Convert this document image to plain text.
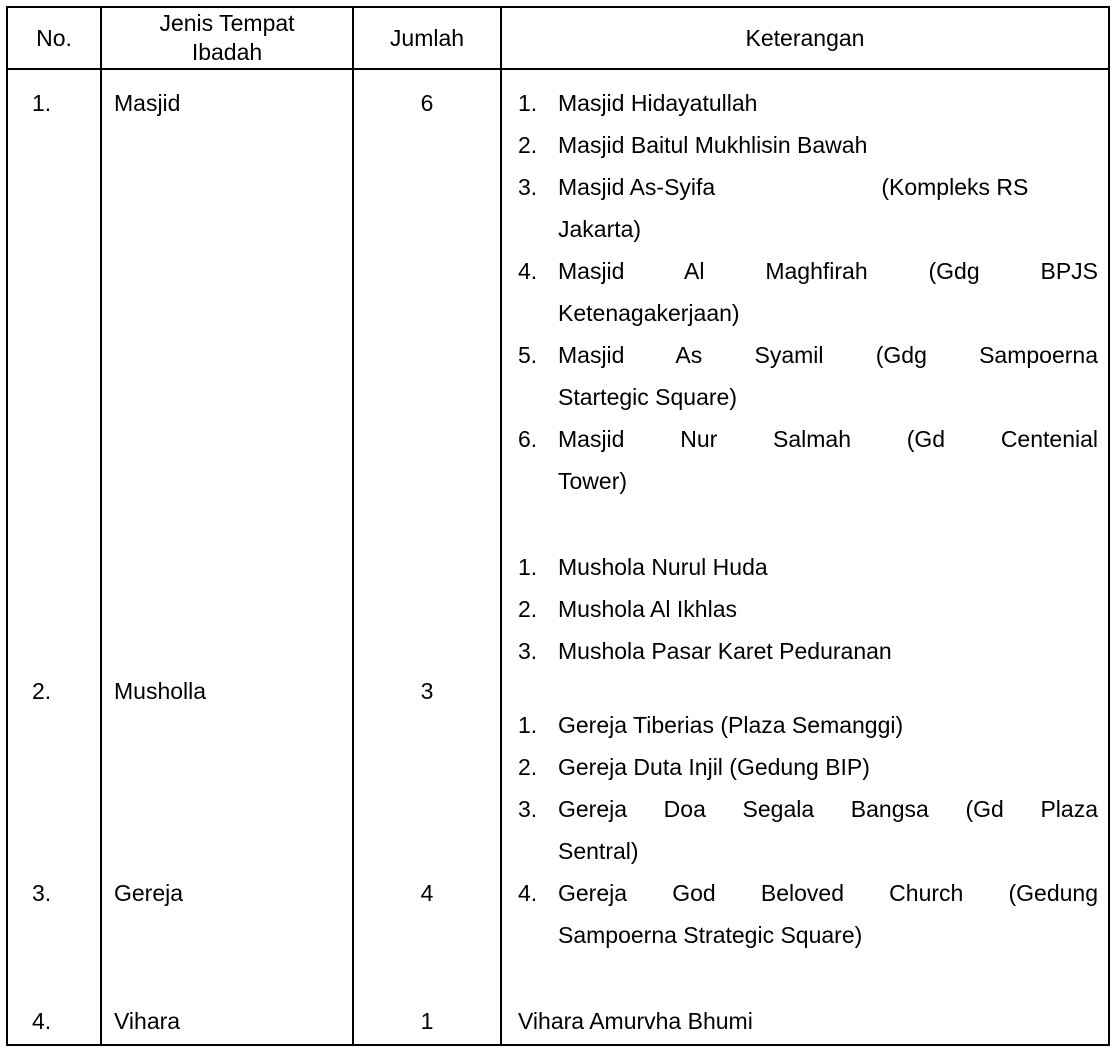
No.
Jenis Tempat Ibadah
Jumlah	Keterangan
1.
2.
3.
4.
Masjid
Musholla
Gereja
Vihara
6
3
4
1
1. Masjid Hidayatullah
2. Masjid Baitul Mukhlisin Bawah
3. Masjid As-Syifa                          (Kompleks RS
Jakarta)
4. Masjid Al Maghfirah (Gdg BPJS
Ketenagakerjaan)
5. Masjid As Syamil (Gdg Sampoerna
Startegic Square)
6. Masjid Nur Salmah (Gd Centenial
Tower)
1. Mushola Nurul Huda
2. Mushola Al Ikhlas
3. Mushola Pasar Karet Peduranan
1. Gereja Tiberias (Plaza Semanggi)
2. Gereja Duta Injil (Gedung BIP)
3. Gereja Doa Segala Bangsa (Gd Plaza
Sentral)
4. Gereja God Beloved Church (Gedung
Sampoerna Strategic Square)
Vihara Amurvha Bhumi
